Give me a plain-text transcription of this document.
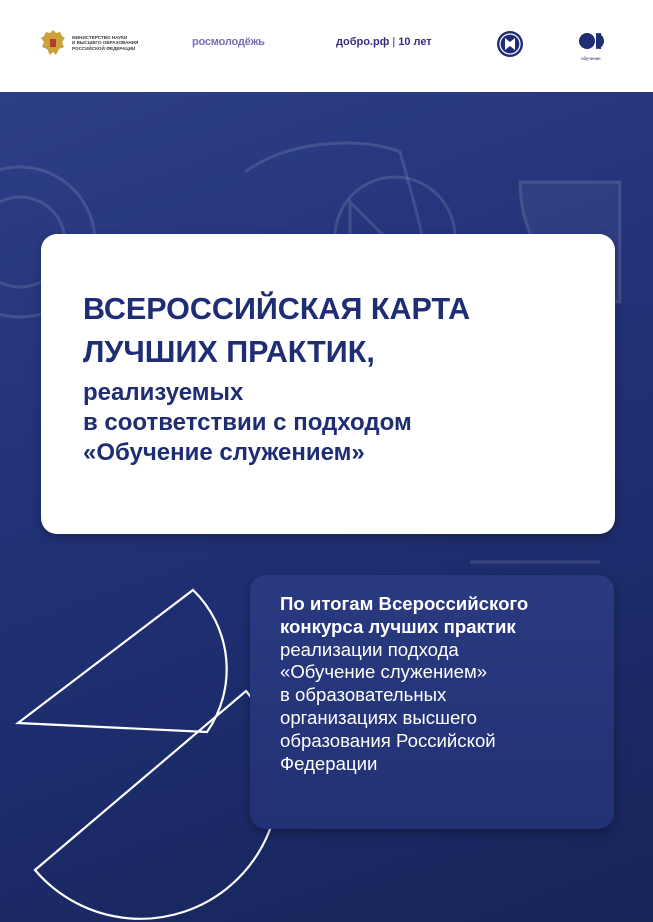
МИНИСТЕРСТВО НАУКИ
И ВЫСШЕГО ОБРАЗОВАНИЯ
РОССИЙСКОЙ ФЕДЕРАЦИИ
росмолодёжь	добро.рф | 10 лет
обучение
ВСЕРОССИЙСКАЯ КАРТА
ЛУЧШИХ ПРАКТИК,
реализуемых
в соответствии с подходом
«Обучение служением»

По итогам Всероссийского
конкурса лучших практик
реализации подхода
«Обучение служением»
в образовательных
организациях высшего
образования Российской
Федерации
